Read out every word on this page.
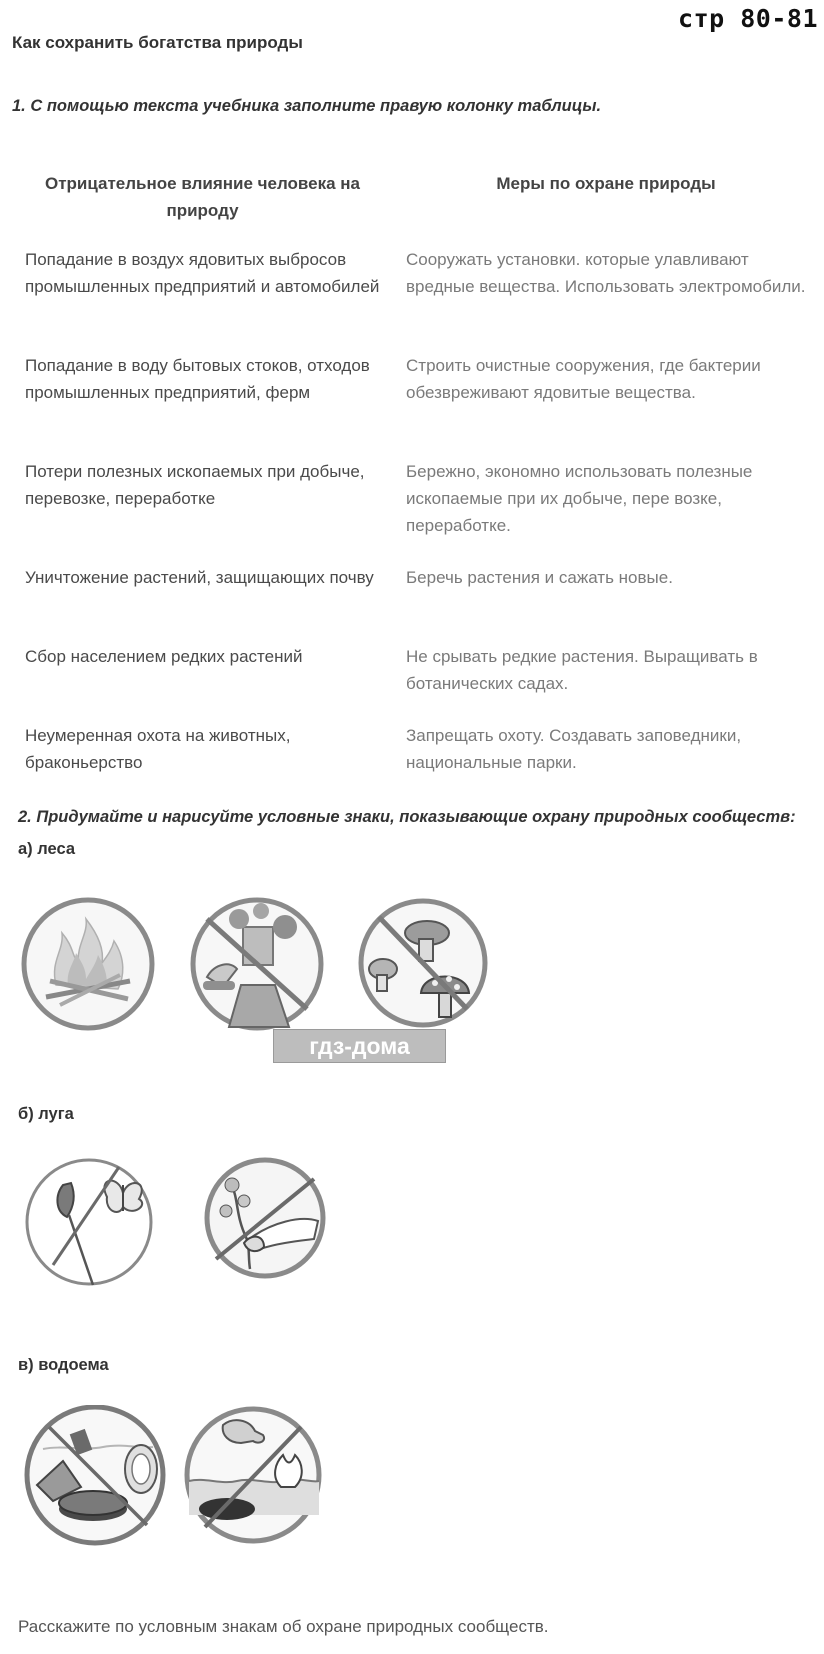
стр 80-81
Как сохранить богатства природы
1. С помощью текста учебника заполните правую колонку таблицы.
Отрицательное влияние человека на природу
Меры по охране природы
Попадание в воздух ядовитых выбросов промышленных предприятий и автомобилей
Сооружать установки. которые улавливают вредные вещества. Использовать электромобили.
Попадание в воду бытовых стоков, отходов промышленных предприятий, ферм
Строить очистные сооружения, где бактерии обезвреживают ядовитые вещества.
Потери полезных ископаемых при добыче, перевозке, переработке
Бережно, экономно использовать полезные ископаемые при их добыче, пере возке, переработке.
Уничтожение растений, защищающих почву	Беречь растения и сажать новые.
Сбор населением редких растений	Не срывать редкие растения. Выращивать в ботанических садах.
Неумеренная охота на животных, браконьерство
Запрещать охоту. Создавать заповедники, национальные парки.
2. Придумайте и нарисуйте условные знаки, показывающие охрану природных сообществ:
а) леса
гдз-дома
б) луга
в) водоема
Расскажите по условным знакам об охране природных сообществ.
